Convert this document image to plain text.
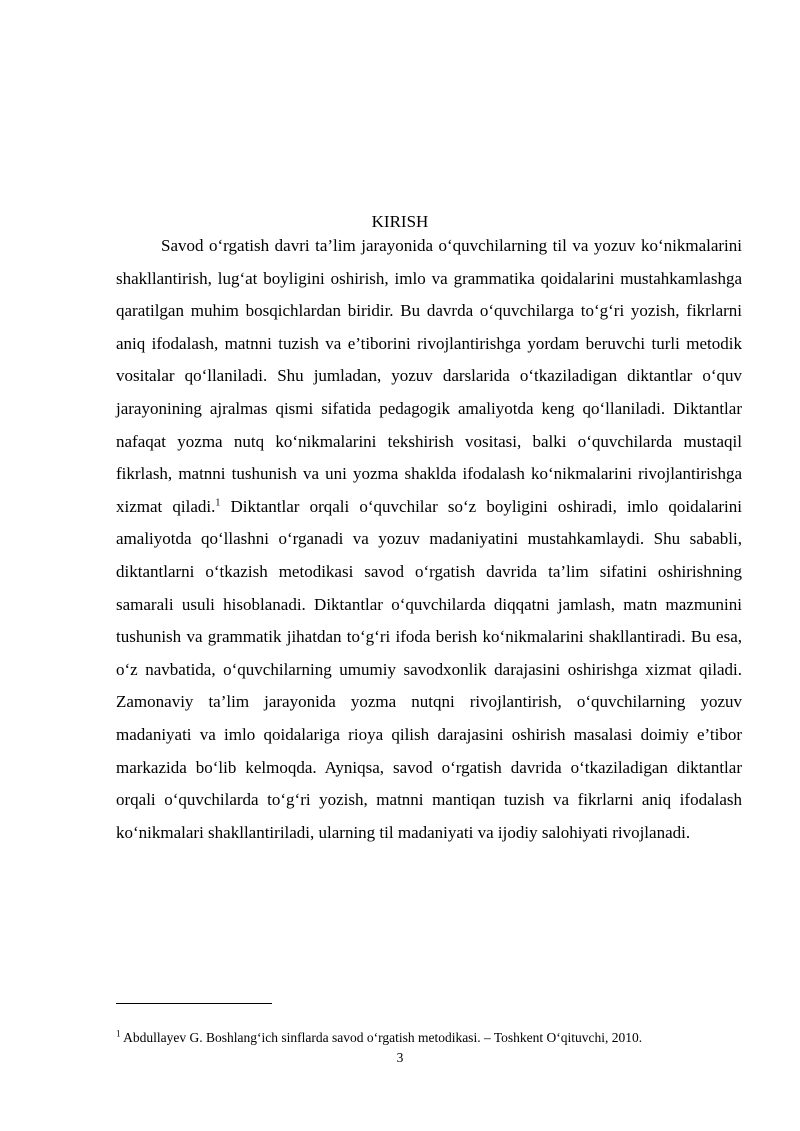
KIRISH

Savod o‘rgatish davri ta’lim jarayonida o‘quvchilarning til va yozuv ko‘nikmalarini shakllantirish, lug‘at boyligini oshirish, imlo va grammatika qoidalarini mustahkamlashga qaratilgan muhim bosqichlardan biridir. Bu davrda o‘quvchilarga to‘g‘ri yozish, fikrlarni aniq ifodalash, matnni tuzish va e’tiborini rivojlantirishga yordam beruvchi turli metodik vositalar qo‘llaniladi. Shu jumladan, yozuv darslarida o‘tkaziladigan diktantlar o‘quv jarayonining ajralmas qismi sifatida pedagogik amaliyotda keng qo‘llaniladi. Diktantlar nafaqat yozma nutq ko‘nikmalarini tekshirish vositasi, balki o‘quvchilarda mustaqil fikrlash, matnni tushunish va uni yozma shaklda ifodalash ko‘nikmalarini rivojlantirishga xizmat qiladi.$^1$ Diktantlar orqali o‘quvchilar so‘z boyligini oshiradi, imlo qoidalarini amaliyotda qo‘llashni o‘rganadi va yozuv madaniyatini mustahkamlaydi. Shu sababli, diktantlarni o‘tkazish metodikasi savod o‘rgatish davrida ta’lim sifatini oshirishning samarali usuli hisoblanadi. Diktantlar o‘quvchilarda diqqatni jamlash, matn mazmunini tushunish va grammatik jihatdan to‘g‘ri ifoda berish ko‘nikmalarini shakllantiradi. Bu esa, o‘z navbatida, o‘quvchilarning umumiy savodxonlik darajasini oshirishga xizmat qiladi. Zamonaviy ta’lim jarayonida yozma nutqni rivojlantirish, o‘quvchilarning yozuv madaniyati va imlo qoidalariga rioya qilish darajasini oshirish masalasi doimiy e’tibor markazida bo‘lib kelmoqda. Ayniqsa, savod o‘rgatish davrida o‘tkaziladigan diktantlar orqali o‘quvchilarda to‘g‘ri yozish, matnni mantiqan tuzish va fikrlarni aniq ifodalash ko‘nikmalari shakllantiriladi, ularning til madaniyati va ijodiy salohiyati rivojlanadi.

$^1$ Abdullayev G. Boshlang‘ich sinflarda savod o‘rgatish metodikasi. – Toshkent O‘qituvchi, 2010.

3
